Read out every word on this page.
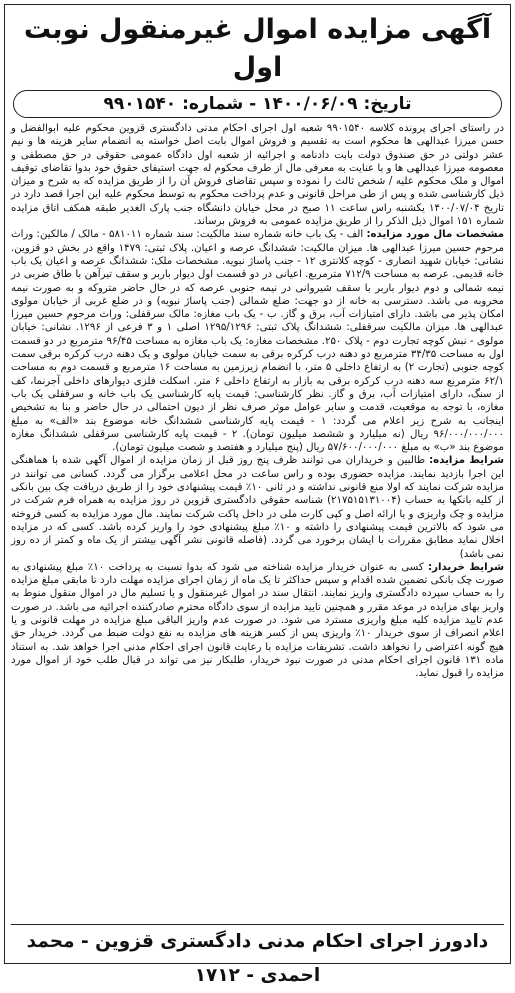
آگهی مزایده اموال غیرمنقول نوبت اول
تاریخ: ۱۴۰۰/۰۶/۰۹ - شماره: ۹۹۰۱۵۴۰

در راستای اجرای پرونده کلاسه ۹۹۰۱۵۴۰ شعبه اول اجرای احکام مدنی دادگستری قزوین محکوم علیه ابوالفضل و حسن میرزا عبدالهی ها محکوم است به تقسیم و فروش اموال بابت اصل خواسته به انضمام سایر هزینه ها و نیم عشر دولتی در حق صندوق دولت بابت دادنامه و اجرائیه از شعبه اول دادگاه عمومی حقوقی در حق مصطفی و معصومه میرزا عبدالهی ها و با عنایت به معرفی مال از طرف محکوم له جهت استیفای حقوق خود بدوا تقاضای توقیف اموال و ملک محکوم علیه / شخص ثالث را نموده و سپس تقاضای فروش آن را از طریق مزایده که به شرح و میزان ذیل کارشناسی شده و پس از طی مراحل قانونی و عدم پرداخت محکوم به توسط محکوم علیه این اجرا قصد دارد در تاریخ ۱۴۰۰/۰۷/۰۴ یکشنبه راس ساعت ۱۱ صبح در محل خیابان دانشگاه جنب پارک الغدیر طبقه همکف اتاق مزایده شماره ۱۵۱ اموال ذیل الذکر را از طریق مزایده عمومی به فروش برساند.

مشخصات مال مورد مزایده: الف - یک باب خانه شماره سند مالکیت: سند شماره ۵۸۱۰۱۱ - مالک / مالکین: وراث مرحوم حسین میرزا عبدالهی ها. میزان مالکیت: ششدانگ عرصه و اعیان. پلاک ثبتی: ۱۴۷۹ واقع در بخش دو قزوین. نشانی: خیابان شهید انصاری - کوچه کلانتری ۱۲ - جنب پاساژ نبویه. مشخصات ملک: ششدانگ عرصه و اعیان یک باب خانه قدیمی. عرصه به مساحت ۷۱۲/۹ مترمربع. اعیانی در دو قسمت اول دیوار باربر و سقف تیرآهن با طاق ضربی در نیمه شمالی و دوم دیوار باربر با سقف شیروانی در نیمه جنوبی عرصه که در حال حاضر متروکه و به صورت نیمه مخروبه می باشد. دسترسی به خانه از دو جهت: ضلع شمالی (جنب پاساژ نبویه) و در ضلع غربی از خیابان مولوی امکان پذیر می باشد. دارای امتیازات آب، برق و گاز. ب - یک باب مغازه: مالک سرقفلی: وراث مرحوم حسین میرزا عبدالهی ها. میزان مالکیت سرقفلی: ششدانگ پلاک ثبتی: ۱۲۹۵/۱۲۹۶ اصلی ۱ و ۳ فرعی از ۱۲۹۶. نشانی: خیابان مولوی - نبش کوچه تجارت دوم - پلاک ۲۵۰. مشخصات مغازه: یک باب مغازه به مساحت ۹۶/۴۵ مترمربع در دو قسمت اول به مساحت ۳۴/۳۵ مترمربع دو دهنه درب کرکره برقی به سمت خیابان مولوی و یک دهنه درب کرکره برقی سمت کوچه جنوبی (تجارت ۲) به ارتفاع داخلی ۵ متر، با انضمام زیرزمین به مساحت ۱۶ مترمربع و قسمت دوم به مساحت ۶۲/۱ مترمربع سه دهنه درب کرکره برقی به بازار به ارتفاع داخلی ۶ متر. اسکلت فلزی دیوارهای داخلی آجرنما، کف از سنگ، دارای امتیازات آب، برق و گاز. نظر کارشناسی: قیمت پایه کارشناسی یک باب خانه و سرقفلی یک باب مغازه، با توجه به موقعیت، قدمت و سایر عوامل موثر صرف نظر از دیون احتمالی در حال حاضر و بنا به تشخیص اینجانب به شرح زیر اعلام می گردد: ۱ - قیمت پایه کارشناسی ششدانگ خانه موضوع بند «الف» به مبلغ ۹۶/۰۰۰/۰۰۰/۰۰۰ ریال (نه میلیارد و ششصد میلیون تومان). ۲ - قیمت پایه کارشناسی سرقفلی ششدانگ مغازه موضوع بند «ب» به مبلغ ۵۷/۶۰۰/۰۰۰/۰۰۰ ریال (پنج میلیارد و هفتصد و شصت میلیون تومان).

شرایط مزایده: طالبین و خریداران می توانند ظرف پنج روز قبل از زمان مزایده از اموال آگهی شده با هماهنگی این اجرا بازدید نمایند. مزایده حضوری بوده و راس ساعت در محل اعلامی برگزار می گردد. کسانی می توانند در مزایده شرکت نمایند که اولا منع قانونی نداشته و در ثانی ۱۰٪ قیمت پیشنهادی خود را از طریق دریافت چک بین بانکی از کلیه بانکها به حساب (۲۱۷۵۱۵۱۳۱۰۰۴) شناسه حقوقی دادگستری قزوین در روز مزایده به همراه فرم شرکت در مزایده و چک واریزی و یا ارائه اصل و کپی کارت ملی در داخل پاکت شرکت نمایند. مال مورد مزایده به کسی فروخته می شود که بالاترین قیمت پیشنهادی را داشته و ۱۰٪ مبلغ پیشنهادی خود را واریز کرده باشد. کسی که در مزایده اخلال نماید مطابق مقررات با ایشان برخورد می گردد. (فاصله قانونی نشر آگهی بیشتر از یک ماه و کمتر از ده روز نمی باشد)

شرایط خریدار: کسی به عنوان خریدار مزایده شناخته می شود که بدوا نسبت به پرداخت ۱۰٪ مبلغ پیشنهادی به صورت چک بانکی تضمین شده اقدام و سپس حداکثر تا یک ماه از زمان اجرای مزایده مهلت دارد تا مابقی مبلغ مزایده را به حساب سپرده دادگستری واریز نمایند. انتقال سند در اموال غیرمنقول و یا تسلیم مال در اموال منقول منوط به واریز بهای مزایده در موعد مقرر و همچنین تایید مزایده از سوی دادگاه محترم صادرکننده اجرائیه می باشد. در صورت عدم تایید مزایده کلیه مبلغ واریزی مسترد می شود. در صورت عدم واریز الباقی مبلغ مزایده در مهلت قانونی و یا اعلام انصراف از سوی خریدار ۱۰٪ واریزی پس از کسر هزینه های مزایده به نفع دولت ضبط می گردد. خریدار حق هیچ گونه اعتراضی را نخواهد داشت. تشریفات مزایده با رعایت قانون اجرای احکام مدنی اجرا خواهد شد. به استناد ماده ۱۳۱ قانون اجرای احکام مدنی در صورت نبود خریدار، طلبکار نیز می تواند در قبال طلب خود از اموال مورد مزایده را قبول نماید.

دادورز اجرای احکام مدنی دادگستری قزوین - محمد احمدی - ۱۷۱۲
